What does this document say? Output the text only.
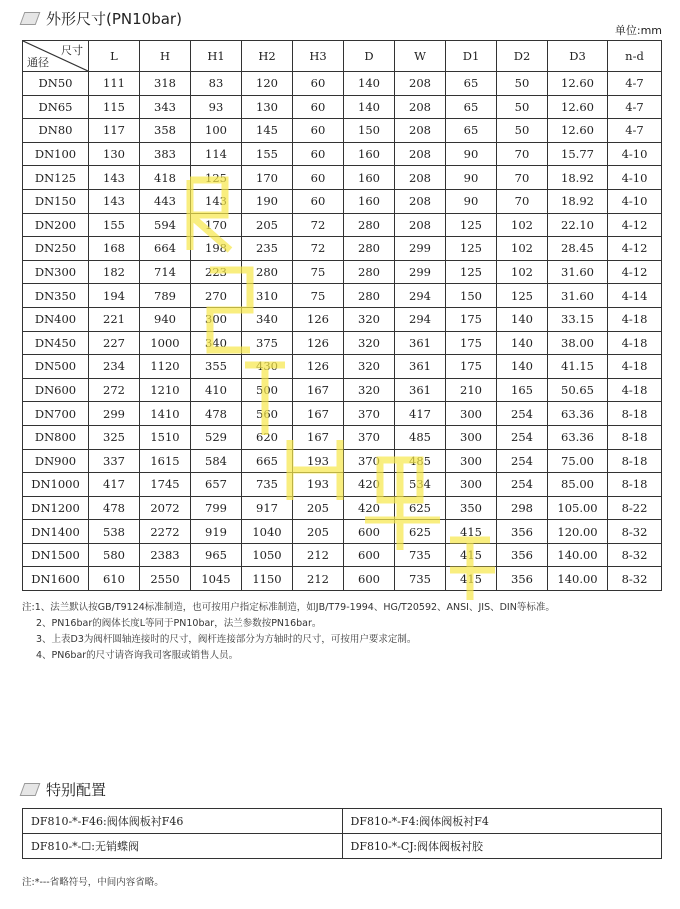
外形尺寸(PN10bar)
单位:mm
尺寸
通径	L	H	H1	H2	H3	D	W	D1	D2	D3	n-d
DN50	111	318	83	120	60	140	208	65	50	12.60	4-7
DN65	115	343	93	130	60	140	208	65	50	12.60	4-7
DN80	117	358	100	145	60	150	208	65	50	12.60	4-7
DN100	130	383	114	155	60	160	208	90	70	15.77	4-10
DN125	143	418	125	170	60	160	208	90	70	18.92	4-10
DN150	143	443	143	190	60	160	208	90	70	18.92	4-10
DN200	155	594	170	205	72	280	208	125	102	22.10	4-12
DN250	168	664	198	235	72	280	299	125	102	28.45	4-12
DN300	182	714	223	280	75	280	299	125	102	31.60	4-12
DN350	194	789	270	310	75	280	294	150	125	31.60	4-14
DN400	221	940	300	340	126	320	294	175	140	33.15	4-18
DN450	227	1000	340	375	126	320	361	175	140	38.00	4-18
DN500	234	1120	355	430	126	320	361	175	140	41.15	4-18
DN600	272	1210	410	500	167	320	361	210	165	50.65	4-18
DN700	299	1410	478	560	167	370	417	300	254	63.36	8-18
DN800	325	1510	529	620	167	370	485	300	254	63.36	8-18
DN900	337	1615	584	665	193	370	485	300	254	75.00	8-18
DN1000	417	1745	657	735	193	420	534	300	254	85.00	8-18
DN1200	478	2072	799	917	205	420	625	350	298	105.00	8-22
DN1400	538	2272	919	1040	205	600	625	415	356	120.00	8-32
DN1500	580	2383	965	1050	212	600	735	415	356	140.00	8-32
DN1600	610	2550	1045	1150	212	600	735	415	356	140.00	8-32
注:1、法兰默认按GB/T9124标准制造，也可按用户指定标准制造，如JB/T79-1994、HG/T20592、ANSI、JIS、DIN等标准。
2、PN16bar的阀体长度L等同于PN10bar，法兰参数按PN16bar。
3、上表D3为阀杆圆轴连接时的尺寸，阀杆连接部分为方轴时的尺寸，可按用户要求定制。
4、PN6bar的尺寸请咨询我司客服或销售人员。
特别配置
DF810-*-F46:阀体阀板衬F46	DF810-*-F4:阀体阀板衬F4
DF810-*-☐:无销蝶阀	DF810-*-CJ:阀体阀板衬胶
注:*---省略符号，中间内容省略。
